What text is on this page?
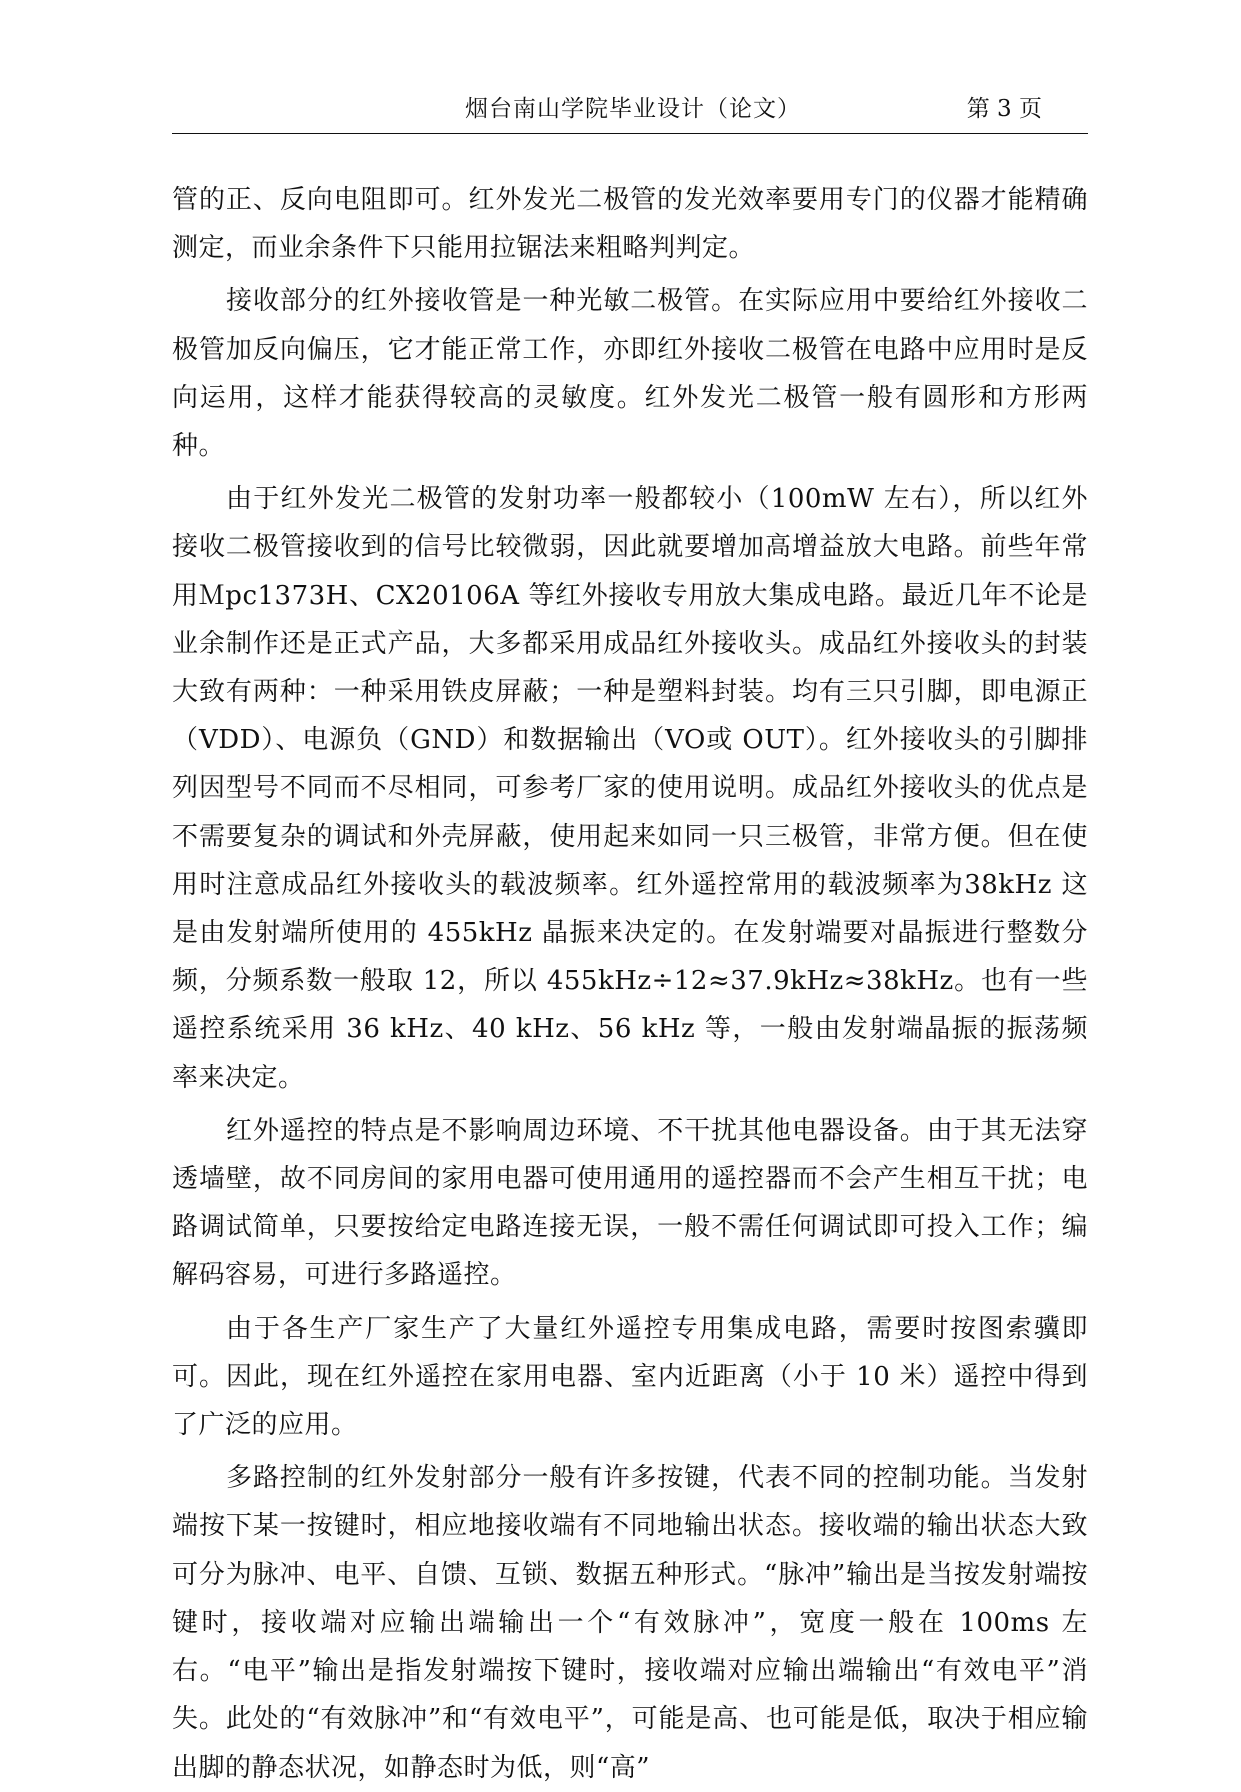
烟台南山学院毕业设计（论文）	第 3 页

管的正、反向电阻即可。红外发光二极管的发光效率要用专门的仪器才能精确测定，而业余条件下只能用拉锯法来粗略判判定。

接收部分的红外接收管是一种光敏二极管。在实际应用中要给红外接收二极管加反向偏压，它才能正常工作，亦即红外接收二极管在电路中应用时是反向运用，这样才能获得较高的灵敏度。红外发光二极管一般有圆形和方形两种。

由于红外发光二极管的发射功率一般都较小（100mW 左右），所以红外接收二极管接收到的信号比较微弱，因此就要增加高增益放大电路。前些年常用Ｍpc1373H、CX20106A 等红外接收专用放大集成电路。最近几年不论是业余制作还是正式产品，大多都采用成品红外接收头。成品红外接收头的封装大致有两种：一种采用铁皮屏蔽；一种是塑料封装。均有三只引脚，即电源正（VDD）、电源负（GND）和数据输出（VO或 OUT）。红外接收头的引脚排列因型号不同而不尽相同，可参考厂家的使用说明。成品红外接收头的优点是不需要复杂的调试和外壳屏蔽，使用起来如同一只三极管，非常方便。但在使用时注意成品红外接收头的载波频率。红外遥控常用的载波频率为38kHz 这是由发射端所使用的 455kHz 晶振来决定的。在发射端要对晶振进行整数分频，分频系数一般取 12，所以 455kHz÷12≈37.9kHz≈38kHz。也有一些遥控系统采用 36 kHz、40 kHz、56 kHz 等，一般由发射端晶振的振荡频率来决定。

红外遥控的特点是不影响周边环境、不干扰其他电器设备。由于其无法穿透墙壁，故不同房间的家用电器可使用通用的遥控器而不会产生相互干扰；电路调试简单，只要按给定电路连接无误，一般不需任何调试即可投入工作；编解码容易，可进行多路遥控。

由于各生产厂家生产了大量红外遥控专用集成电路，需要时按图索骥即可。因此，现在红外遥控在家用电器、室内近距离（小于 10 米）遥控中得到了广泛的应用。

多路控制的红外发射部分一般有许多按键，代表不同的控制功能。当发射端按下某一按键时，相应地接收端有不同地输出状态。接收端的输出状态大致可分为脉冲、电平、自馈、互锁、数据五种形式。“脉冲”输出是当按发射端按键时，接收端对应输出端输出一个“有效脉冲”，宽度一般在 100ms 左右。“电平”输出是指发射端按下键时，接收端对应输出端输出“有效电平”消失。此处的“有效脉冲”和“有效电平”，可能是高、也可能是低，取决于相应输出脚的静态状况，如静态时为低，则“高”
